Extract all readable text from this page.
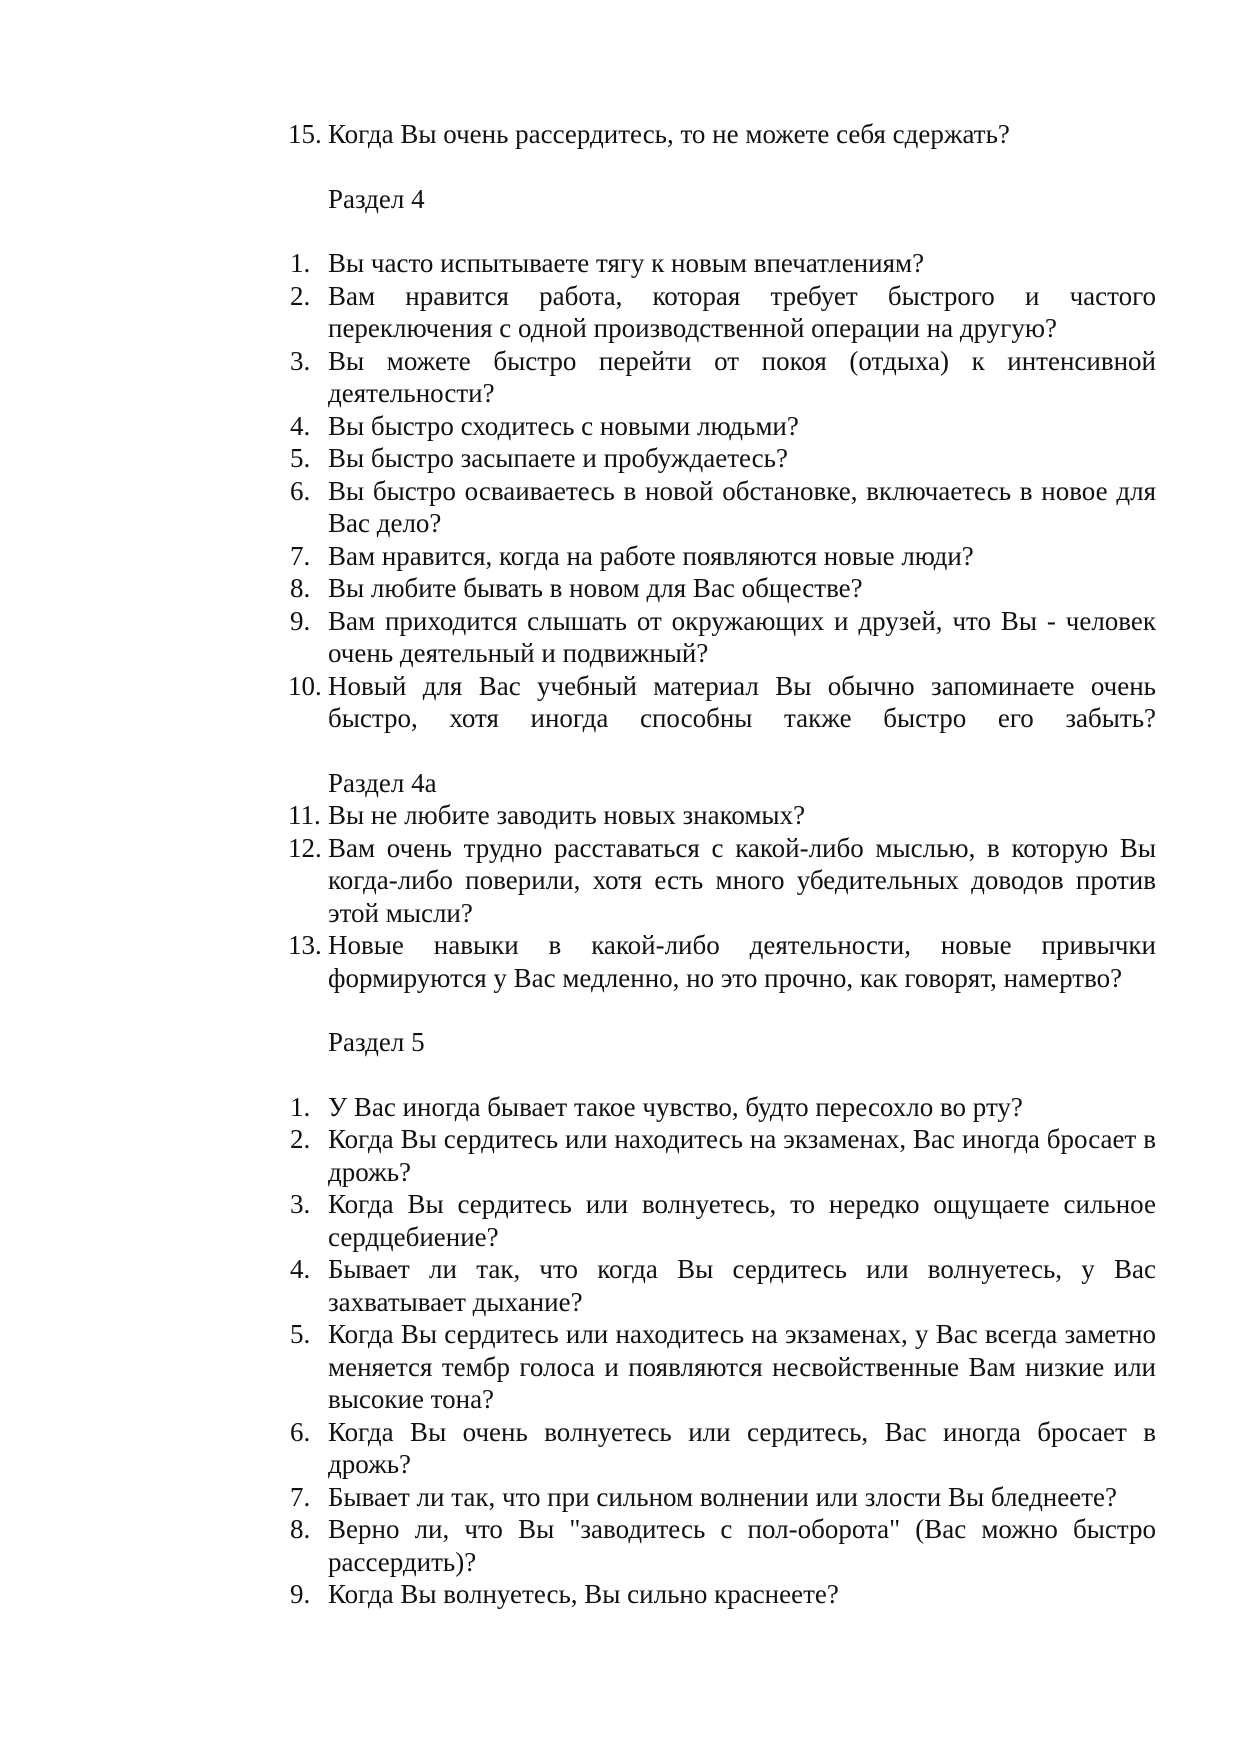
15. Когда Вы очень рассердитесь, то не можете себя сдержать?
Раздел 4
1. Вы часто испытываете тягу к новым впечатлениям?
2. Вам нравится работа, которая требует быстрого и частого переключения с одной производственной операции на другую?
3. Вы можете быстро перейти от покоя (отдыха) к интенсивной деятельности?
4. Вы быстро сходитесь с новыми людьми?
5. Вы быстро засыпаете и пробуждаетесь?
6. Вы быстро осваиваетесь в новой обстановке, включаетесь в новое для Вас дело?
7. Вам нравится, когда на работе появляются новые люди?
8. Вы любите бывать в новом для Вас обществе?
9. Вам приходится слышать от окружающих и друзей, что Вы - человек очень деятельный и подвижный?
10. Новый для Вас учебный материал Вы обычно запоминаете очень быстро, хотя иногда способны также быстро его забыть?
Раздел 4а
11. Вы не любите заводить новых знакомых?
12. Вам очень трудно расставаться с какой-либо мыслью, в которую Вы когда-либо поверили, хотя есть много убедительных доводов против этой мысли?
13. Новые навыки в какой-либо деятельности, новые привычки формируются у Вас медленно, но это прочно, как говорят, намертво?
Раздел 5
1. У Вас иногда бывает такое чувство, будто пересохло во рту?
2. Когда Вы сердитесь или находитесь на экзаменах, Вас иногда бросает в дрожь?
3. Когда Вы сердитесь или волнуетесь, то нередко ощущаете сильное сердцебиение?
4. Бывает ли так, что когда Вы сердитесь или волнуетесь, у Вас захватывает дыхание?
5. Когда Вы сердитесь или находитесь на экзаменах, у Вас всегда заметно меняется тембр голоса и появляются несвойственные Вам низкие или высокие тона?
6. Когда Вы очень волнуетесь или сердитесь, Вас иногда бросает в дрожь?
7. Бывает ли так, что при сильном волнении или злости Вы бледнеете?
8. Верно ли, что Вы "заводитесь с пол-оборота" (Вас можно быстро рассердить)?
9. Когда Вы волнуетесь, Вы сильно краснеете?
